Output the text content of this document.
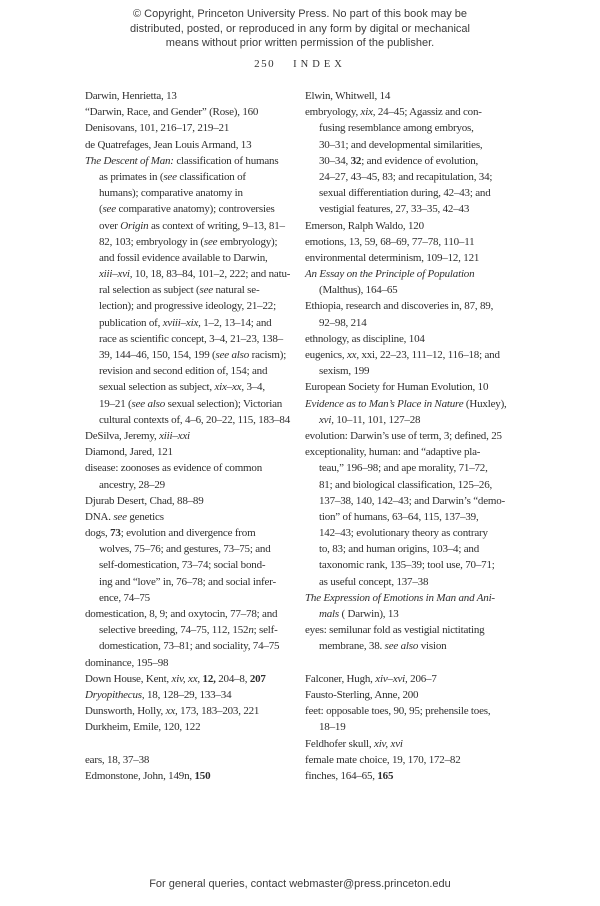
© Copyright, Princeton University Press. No part of this book may be
distributed, posted, or reproduced in any form by digital or mechanical
means without prior written permission of the publisher.
250 INDEX
Darwin, Henrietta, 13
“Darwin, Race, and Gender” (Rose), 160
Denisovans, 101, 216–17, 219–21
de Quatrefages, Jean Louis Armand, 13
The Descent of Man: classification of humans
as primates in (see classification of
humans); comparative anatomy in
(see comparative anatomy); controversies
over Origin as context of writing, 9–13, 81–
82, 103; embryology in (see embryology);
and fossil evidence available to Darwin,
xiii–xvi, 10, 18, 83–84, 101–2, 222; and natu-
ral selection as subject (see natural se-
lection); and progressive ideology, 21–22;
publication of, xviii–xix, 1–2, 13–14; and
race as scientific concept, 3–4, 21–23, 138–
39, 144–46, 150, 154, 199 (see also racism);
revision and second edition of, 154; and
sexual selection as subject, xix–xx, 3–4,
19–21 (see also sexual selection); Victorian
cultural contexts of, 4–6, 20–22, 115, 183–84
DeSilva, Jeremy, xiii–xxi
Diamond, Jared, 121
disease: zoonoses as evidence of common
ancestry, 28–29
Djurab Desert, Chad, 88–89
DNA. see genetics
dogs, 73; evolution and divergence from
wolves, 75–76; and gestures, 73–75; and
self-domestication, 73–74; social bond-
ing and “love” in, 76–78; and social infer-
ence, 74–75
domestication, 8, 9; and oxytocin, 77–78; and
selective breeding, 74–75, 112, 152n; self-
domestication, 73–81; and sociality, 74–75
dominance, 195–98
Down House, Kent, xiv, xx, 12, 204–8, 207
Dryopithecus, 18, 128–29, 133–34
Dunsworth, Holly, xx, 173, 183–203, 221
Durkheim, Emile, 120, 122
ears, 18, 37–38
Edmonstone, John, 149n, 150
Elwin, Whitwell, 14
embryology, xix, 24–45; Agassiz and con-
fusing resemblance among embryos,
30–31; and developmental similarities,
30–34, 32; and evidence of evolution,
24–27, 43–45, 83; and recapitulation, 34;
sexual differentiation during, 42–43; and
vestigial features, 27, 33–35, 42–43
Emerson, Ralph Waldo, 120
emotions, 13, 59, 68–69, 77–78, 110–11
environmental determinism, 109–12, 121
An Essay on the Principle of Population
(Malthus), 164–65
Ethiopia, research and discoveries in, 87, 89,
92–98, 214
ethnology, as discipline, 104
eugenics, xx, xxi, 22–23, 111–12, 116–18; and
sexism, 199
European Society for Human Evolution, 10
Evidence as to Man’s Place in Nature (Huxley),
xvi, 10–11, 101, 127–28
evolution: Darwin’s use of term, 3; defined, 25
exceptionality, human: and “adaptive pla-
teau,” 196–98; and ape morality, 71–72,
81; and biological classification, 125–26,
137–38, 140, 142–43; and Darwin’s “demo-
tion” of humans, 63–64, 115, 137–39,
142–43; evolutionary theory as contrary
to, 83; and human origins, 103–4; and
taxonomic rank, 135–39; tool use, 70–71;
as useful concept, 137–38
The Expression of Emotions in Man and Ani-
mals ( Darwin), 13
eyes: semilunar fold as vestigial nictitating
membrane, 38. see also vision
Falconer, Hugh, xiv–xvi, 206–7
Fausto-Sterling, Anne, 200
feet: opposable toes, 90, 95; prehensile toes,
18–19
Feldhofer skull, xiv, xvi
female mate choice, 19, 170, 172–82
finches, 164–65, 165
For general queries, contact webmaster@press.princeton.edu
